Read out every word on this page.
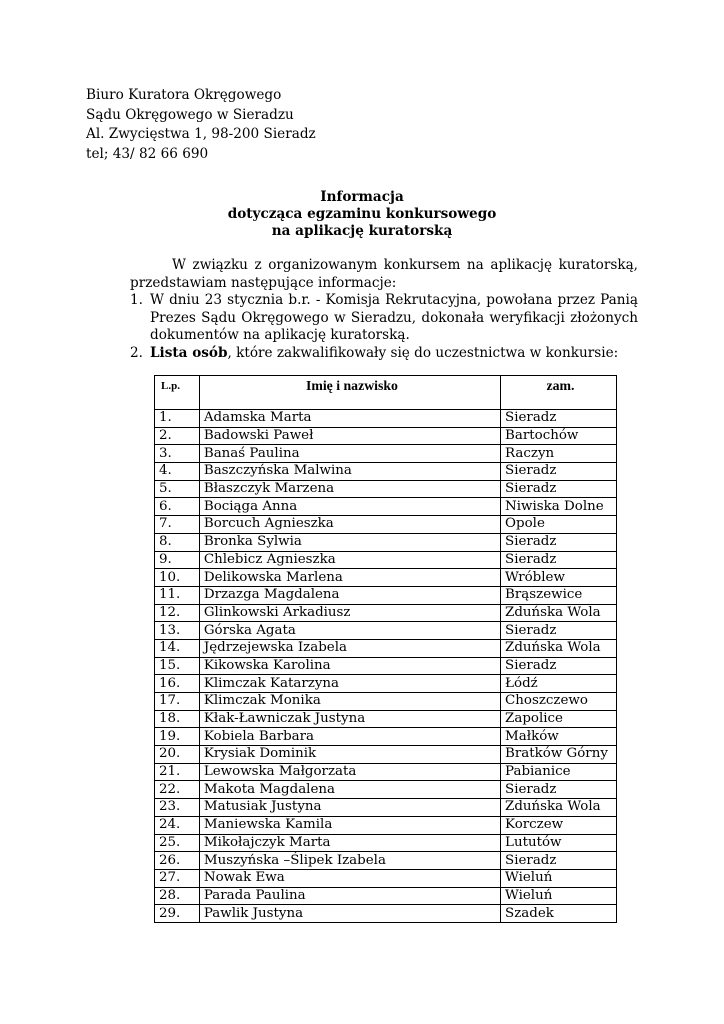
Biuro Kuratora Okręgowego
Sądu Okręgowego w Sieradzu
Al. Zwycięstwa 1, 98-200 Sieradz
tel; 43/ 82 66 690
Informacja
dotycząca egzaminu konkursowego
na aplikację kuratorską
W związku z organizowanym konkursem na aplikację kuratorską, przedstawiam następujące informacje:
1. W dniu 23 stycznia b.r. - Komisja Rekrutacyjna, powołana przez Panią Prezes Sądu Okręgowego w Sieradzu, dokonała weryfikacji złożonych dokumentów na aplikację kuratorską.
2. Lista osób, które zakwalifikowały się do uczestnictwa w konkursie:
L.p.	Imię i nazwisko	zam.
1.	Adamska Marta	Sieradz
2.	Badowski Paweł	Bartochów
3.	Banaś Paulina	Raczyn
4.	Baszczyńska Malwina	Sieradz
5.	Błaszczyk Marzena	Sieradz
6.	Bociąga Anna	Niwiska Dolne
7.	Borcuch Agnieszka	Opole
8.	Bronka Sylwia	Sieradz
9.	Chlebicz Agnieszka	Sieradz
10.	Delikowska Marlena	Wróblew
11.	Drzazga Magdalena	Brąszewice
12.	Glinkowski Arkadiusz	Zduńska Wola
13.	Górska Agata	Sieradz
14.	Jędrzejewska Izabela	Zduńska Wola
15.	Kikowska Karolina	Sieradz
16.	Klimczak Katarzyna	Łódź
17.	Klimczak Monika	Choszczewo
18.	Kłak-Ławniczak Justyna	Zapolice
19.	Kobiela Barbara	Małków
20.	Krysiak Dominik	Bratków Górny
21.	Lewowska Małgorzata	Pabianice
22.	Makota Magdalena	Sieradz
23.	Matusiak Justyna	Zduńska Wola
24.	Maniewska Kamila	Korczew
25.	Mikołajczyk Marta	Lututów
26.	Muszyńska –Ślipek Izabela	Sieradz
27.	Nowak Ewa	Wieluń
28.	Parada Paulina	Wieluń
29.	Pawlik Justyna	Szadek
